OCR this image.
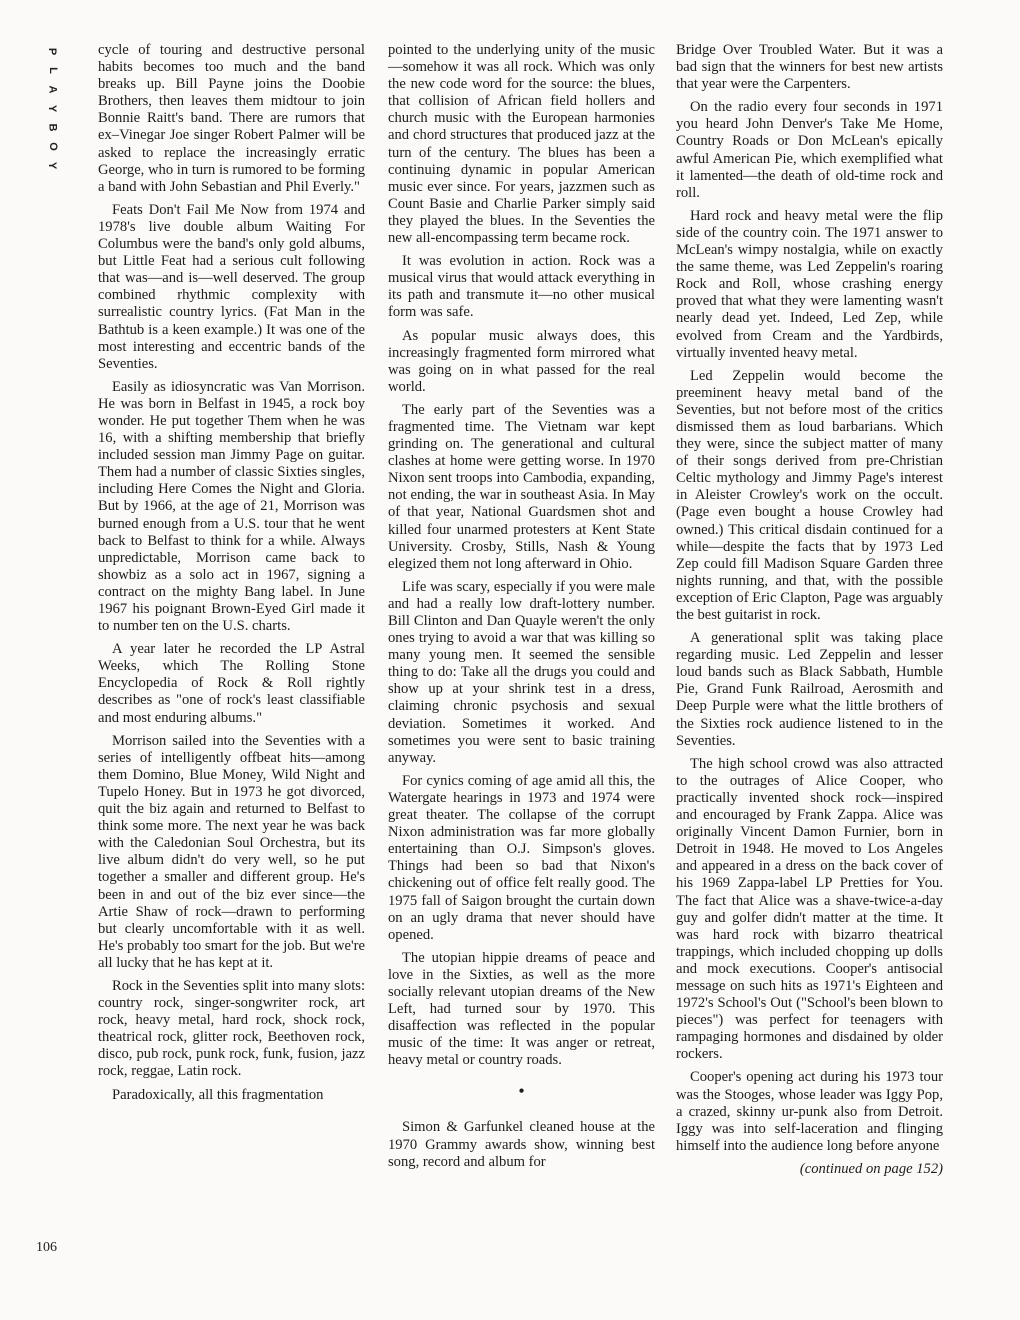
P
L
A
Y
B
O
Y

cycle of touring and destructive personal habits becomes too much and the band breaks up. Bill Payne joins the Doobie Brothers, then leaves them midtour to join Bonnie Raitt's band. There are rumors that ex–Vinegar Joe singer Robert Palmer will be asked to replace the increasingly erratic George, who in turn is rumored to be forming a band with John Sebastian and Phil Everly."

Feats Don't Fail Me Now from 1974 and 1978's live double album Waiting For Columbus were the band's only gold albums, but Little Feat had a serious cult following that was—and is—well deserved. The group combined rhythmic complexity with surrealistic country lyrics. (Fat Man in the Bathtub is a keen example.) It was one of the most interesting and eccentric bands of the Seventies.

Easily as idiosyncratic was Van Morrison. He was born in Belfast in 1945, a rock boy wonder. He put together Them when he was 16, with a shifting membership that briefly included session man Jimmy Page on guitar. Them had a number of classic Sixties singles, including Here Comes the Night and Gloria. But by 1966, at the age of 21, Morrison was burned enough from a U.S. tour that he went back to Belfast to think for a while. Always unpredictable, Morrison came back to showbiz as a solo act in 1967, signing a contract on the mighty Bang label. In June 1967 his poignant Brown-Eyed Girl made it to number ten on the U.S. charts.

A year later he recorded the LP Astral Weeks, which The Rolling Stone Encyclopedia of Rock & Roll rightly describes as "one of rock's least classifiable and most enduring albums."

Morrison sailed into the Seventies with a series of intelligently offbeat hits—among them Domino, Blue Money, Wild Night and Tupelo Honey. But in 1973 he got divorced, quit the biz again and returned to Belfast to think some more. The next year he was back with the Caledonian Soul Orchestra, but its live album didn't do very well, so he put together a smaller and different group. He's been in and out of the biz ever since—the Artie Shaw of rock—drawn to performing but clearly uncomfortable with it as well. He's probably too smart for the job. But we're all lucky that he has kept at it.

Rock in the Seventies split into many slots: country rock, singer-songwriter rock, art rock, heavy metal, hard rock, shock rock, theatrical rock, glitter rock, Beethoven rock, disco, pub rock, punk rock, funk, fusion, jazz rock, reggae, Latin rock.

Paradoxically, all this fragmentation

pointed to the underlying unity of the music—somehow it was all rock. Which was only the new code word for the source: the blues, that collision of African field hollers and church music with the European harmonies and chord structures that produced jazz at the turn of the century. The blues has been a continuing dynamic in popular American music ever since. For years, jazzmen such as Count Basie and Charlie Parker simply said they played the blues. In the Seventies the new all-encompassing term became rock.

It was evolution in action. Rock was a musical virus that would attack everything in its path and transmute it—no other musical form was safe.

As popular music always does, this increasingly fragmented form mirrored what was going on in what passed for the real world.

The early part of the Seventies was a fragmented time. The Vietnam war kept grinding on. The generational and cultural clashes at home were getting worse. In 1970 Nixon sent troops into Cambodia, expanding, not ending, the war in southeast Asia. In May of that year, National Guardsmen shot and killed four unarmed protesters at Kent State University. Crosby, Stills, Nash & Young elegized them not long afterward in Ohio.

Life was scary, especially if you were male and had a really low draft-lottery number. Bill Clinton and Dan Quayle weren't the only ones trying to avoid a war that was killing so many young men. It seemed the sensible thing to do: Take all the drugs you could and show up at your shrink test in a dress, claiming chronic psychosis and sexual deviation. Sometimes it worked. And sometimes you were sent to basic training anyway.

For cynics coming of age amid all this, the Watergate hearings in 1973 and 1974 were great theater. The collapse of the corrupt Nixon administration was far more globally entertaining than O.J. Simpson's gloves. Things had been so bad that Nixon's chickening out of office felt really good. The 1975 fall of Saigon brought the curtain down on an ugly drama that never should have opened.

The utopian hippie dreams of peace and love in the Sixties, as well as the more socially relevant utopian dreams of the New Left, had turned sour by 1970. This disaffection was reflected in the popular music of the time: It was anger or retreat, heavy metal or country roads.

•

Simon & Garfunkel cleaned house at the 1970 Grammy awards show, winning best song, record and album for

Bridge Over Troubled Water. But it was a bad sign that the winners for best new artists that year were the Carpenters.

On the radio every four seconds in 1971 you heard John Denver's Take Me Home, Country Roads or Don McLean's epically awful American Pie, which exemplified what it lamented—the death of old-time rock and roll.

Hard rock and heavy metal were the flip side of the country coin. The 1971 answer to McLean's wimpy nostalgia, while on exactly the same theme, was Led Zeppelin's roaring Rock and Roll, whose crashing energy proved that what they were lamenting wasn't nearly dead yet. Indeed, Led Zep, while evolved from Cream and the Yardbirds, virtually invented heavy metal.

Led Zeppelin would become the preeminent heavy metal band of the Seventies, but not before most of the critics dismissed them as loud barbarians. Which they were, since the subject matter of many of their songs derived from pre-Christian Celtic mythology and Jimmy Page's interest in Aleister Crowley's work on the occult. (Page even bought a house Crowley had owned.) This critical disdain continued for a while—despite the facts that by 1973 Led Zep could fill Madison Square Garden three nights running, and that, with the possible exception of Eric Clapton, Page was arguably the best guitarist in rock.

A generational split was taking place regarding music. Led Zeppelin and lesser loud bands such as Black Sabbath, Humble Pie, Grand Funk Railroad, Aerosmith and Deep Purple were what the little brothers of the Sixties rock audience listened to in the Seventies.

The high school crowd was also attracted to the outrages of Alice Cooper, who practically invented shock rock—inspired and encouraged by Frank Zappa. Alice was originally Vincent Damon Furnier, born in Detroit in 1948. He moved to Los Angeles and appeared in a dress on the back cover of his 1969 Zappa-label LP Pretties for You. The fact that Alice was a shave-twice-a-day guy and golfer didn't matter at the time. It was hard rock with bizarro theatrical trappings, which included chopping up dolls and mock executions. Cooper's antisocial message on such hits as 1971's Eighteen and 1972's School's Out ("School's been blown to pieces") was perfect for teenagers with rampaging hormones and disdained by older rockers.

Cooper's opening act during his 1973 tour was the Stooges, whose leader was Iggy Pop, a crazed, skinny ur-punk also from Detroit. Iggy was into self-laceration and flinging himself into the audience long before anyone

(continued on page 152)
106
